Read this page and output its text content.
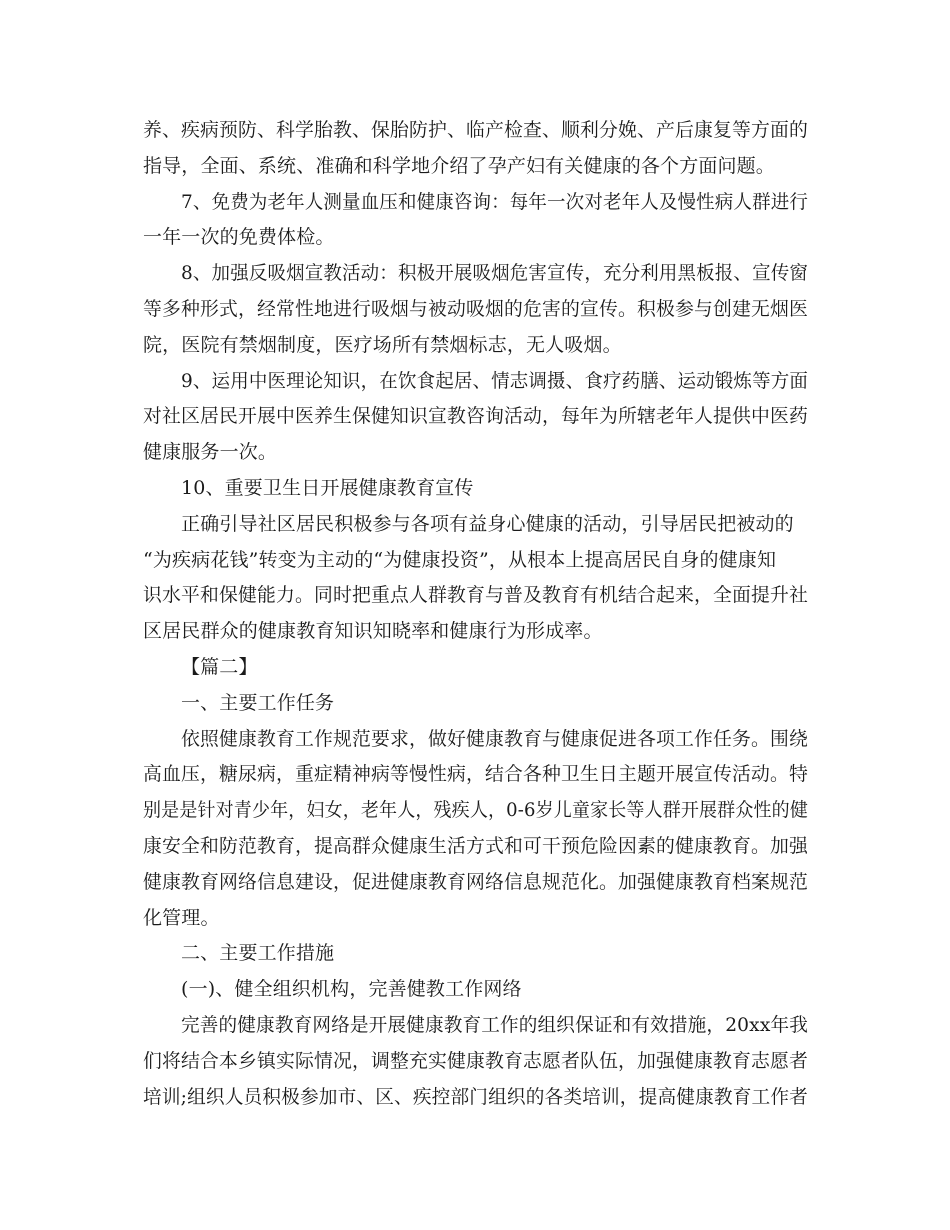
养、疾病预防、科学胎教、保胎防护、临产检查、顺利分娩、产后康复等方面的
指导，全面、系统、准确和科学地介绍了孕产妇有关健康的各个方面问题。
7、免费为老年人测量血压和健康咨询：每年一次对老年人及慢性病人群进行
一年一次的免费体检。
8、加强反吸烟宣教活动：积极开展吸烟危害宣传，充分利用黑板报、宣传窗
等多种形式，经常性地进行吸烟与被动吸烟的危害的宣传。积极参与创建无烟医
院，医院有禁烟制度，医疗场所有禁烟标志，无人吸烟。
9、运用中医理论知识，在饮食起居、情志调摄、食疗药膳、运动锻炼等方面
对社区居民开展中医养生保健知识宣教咨询活动，每年为所辖老年人提供中医药
健康服务一次。
10、重要卫生日开展健康教育宣传
正确引导社区居民积极参与各项有益身心健康的活动，引导居民把被动的
“为疾病花钱”转变为主动的“为健康投资”，从根本上提高居民自身的健康知
识水平和保健能力。同时把重点人群教育与普及教育有机结合起来，全面提升社
区居民群众的健康教育知识知晓率和健康行为形成率。
【篇二】
一、主要工作任务
依照健康教育工作规范要求，做好健康教育与健康促进各项工作任务。围绕
高血压，糖尿病，重症精神病等慢性病，结合各种卫生日主题开展宣传活动。特
别是是针对青少年，妇女，老年人，残疾人，0-6岁儿童家长等人群开展群众性的健
康安全和防范教育，提高群众健康生活方式和可干预危险因素的健康教育。加强
健康教育网络信息建设，促进健康教育网络信息规范化。加强健康教育档案规范
化管理。
二、主要工作措施
(一)、健全组织机构，完善健教工作网络
完善的健康教育网络是开展健康教育工作的组织保证和有效措施，20xx年我
们将结合本乡镇实际情况，调整充实健康教育志愿者队伍，加强健康教育志愿者
培训;组织人员积极参加市、区、疾控部门组织的各类培训，提高健康教育工作者
